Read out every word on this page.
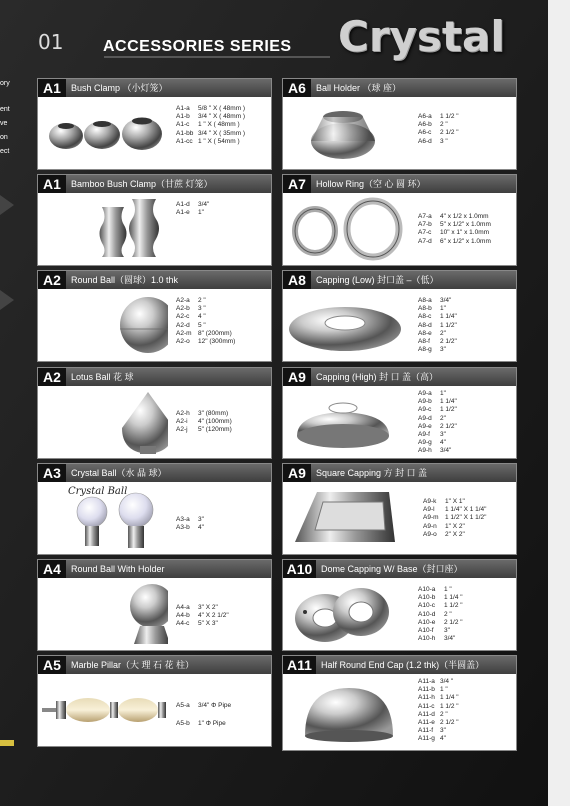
01 ACCESSORIES SERIES Crystal
ory
ent
ve
on
ect
A1	Bush Clamp （小灯笼）
A1-a	5/8 " X ( 48mm )
A1-b	3/4 " X ( 48mm )
A1-c	1 " X ( 48mm )
A1-bb 3/4 " X ( 35mm )
A1-cc 1 " X ( 54mm )
A1	Bamboo Bush Clamp（甘蔗 灯笼）
A1-d	3/4"
A1-e	1"
A2	Round Ball（圆球）1.0 thk
A2-a	2 "
A2-b	3 "
A2-c	4 "
A2-d	5 "
A2-m 8" (200mm)
A2-o	12" (300mm)
A2	Lotus Ball 花 球
A2-h	3" (80mm)
A2-i	4" (100mm)
A2-j	5" (120mm)
A3	Crystal Ball（水 晶 球）
Crystal Ball
A3-a	3"
A3-b	4"
A4	Round Ball With Holder
A4-a	3" X 2"
A4-b	4" X 2 1/2"
A4-c	5" X 3"
A5	Marble Pillar（大 理 石 花 柱）
A5-a	3/4" Φ Pipe
A5-b	1" Φ Pipe
A6	Ball Holder （球 座）
A6-a	1 1/2 "
A6-b	2 "
A6-c	2 1/2 "
A6-d	3 "
A7	Hollow Ring（空 心 圆 环）
A7-a	4" x 1/2 x 1.0mm
A7-b	5" x 1/2" x 1.0mm
A7-c	10" x 1" x 1.0mm
A7-d	6" x 1/2" x 1.0mm
A8	Capping (Low) 封口盖 –（低）
A8-a	3/4"
A8-b	1"
A8-c	1 1/4"
A8-d	1 1/2"
A8-e	2"
A8-f	2 1/2"
A8-g	3"
A9	Capping (High) 封 口 盖（高）
A9-a	1"
A9-b	1 1/4"
A9-c	1 1/2"
A9-d	2"
A9-e	2 1/2"
A9-f	3"
A9-g	4"
A9-h	3/4"
A9	Square Capping 方 封 口 盖
A9-k	1" X 1"
A9-l	1 1/4" X 1 1/4"
A9-m 1 1/2" X 1 1/2"
A9-n	1" X 2"
A9-o	2" X 2"
A10 Dome Capping W/ Base（封口座）
A10-a	1 "
A10-b	1 1/4 "
A10-c	1 1/2 "
A10-d	2 "
A10-e	2 1/2 "
A10-f	3"
A10-h	3/4"
A11	Half Round End Cap (1.2 thk)（半圆盖）
A11-a 3/4 "
A11-b 1 "
A11-h 1 1/4 "
A11-c 1 1/2 "
A11-d 2 "
A11-e 2 1/2 "
A11-f	3"
A11-g 4"
